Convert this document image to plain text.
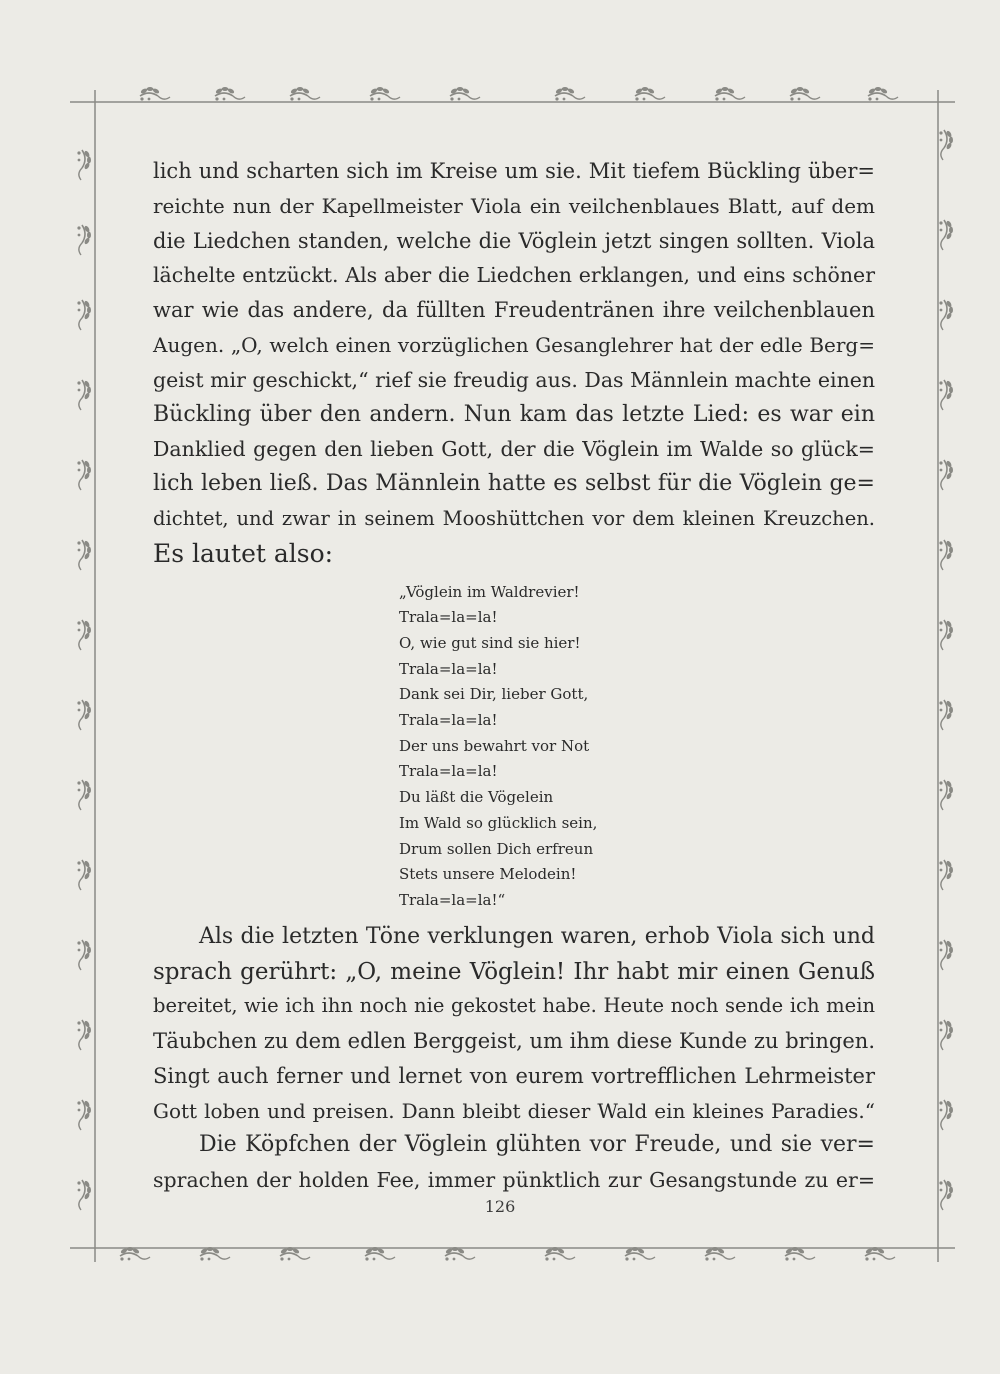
lich und scharten sich im Kreise um sie. Mit tiefem Bückling über=
reichte nun der Kapellmeister Viola ein veilchenblaues Blatt, auf dem
die Liedchen standen, welche die Vöglein jetzt singen sollten. Viola
lächelte entzückt. Als aber die Liedchen erklangen, und eins schöner
war wie das andere, da füllten Freudentränen ihre veilchenblauen
Augen. „O, welch einen vorzüglichen Gesanglehrer hat der edle Berg=
geist mir geschickt,“ rief sie freudig aus. Das Männlein machte einen
Bückling über den andern. Nun kam das letzte Lied: es war ein
Danklied gegen den lieben Gott, der die Vöglein im Walde so glück=
lich leben ließ. Das Männlein hatte es selbst für die Vöglein ge=
dichtet, und zwar in seinem Mooshüttchen vor dem kleinen Kreuzchen.
Es lautet also:
„Vöglein im Waldrevier!
Trala=la=la!
O, wie gut sind sie hier!
Trala=la=la!
Dank sei Dir, lieber Gott,
Trala=la=la!
Der uns bewahrt vor Not
Trala=la=la!
Du läßt die Vögelein
Im Wald so glücklich sein,
Drum sollen Dich erfreun
Stets unsere Melodein!
Trala=la=la!“
Als die letzten Töne verklungen waren, erhob Viola sich und
sprach gerührt: „O, meine Vöglein! Ihr habt mir einen Genuß
bereitet, wie ich ihn noch nie gekostet habe. Heute noch sende ich mein
Täubchen zu dem edlen Berggeist, um ihm diese Kunde zu bringen.
Singt auch ferner und lernet von eurem vortrefflichen Lehrmeister
Gott loben und preisen. Dann bleibt dieser Wald ein kleines Paradies.“
Die Köpfchen der Vöglein glühten vor Freude, und sie ver=
sprachen der holden Fee, immer pünktlich zur Gesangstunde zu er=
126
